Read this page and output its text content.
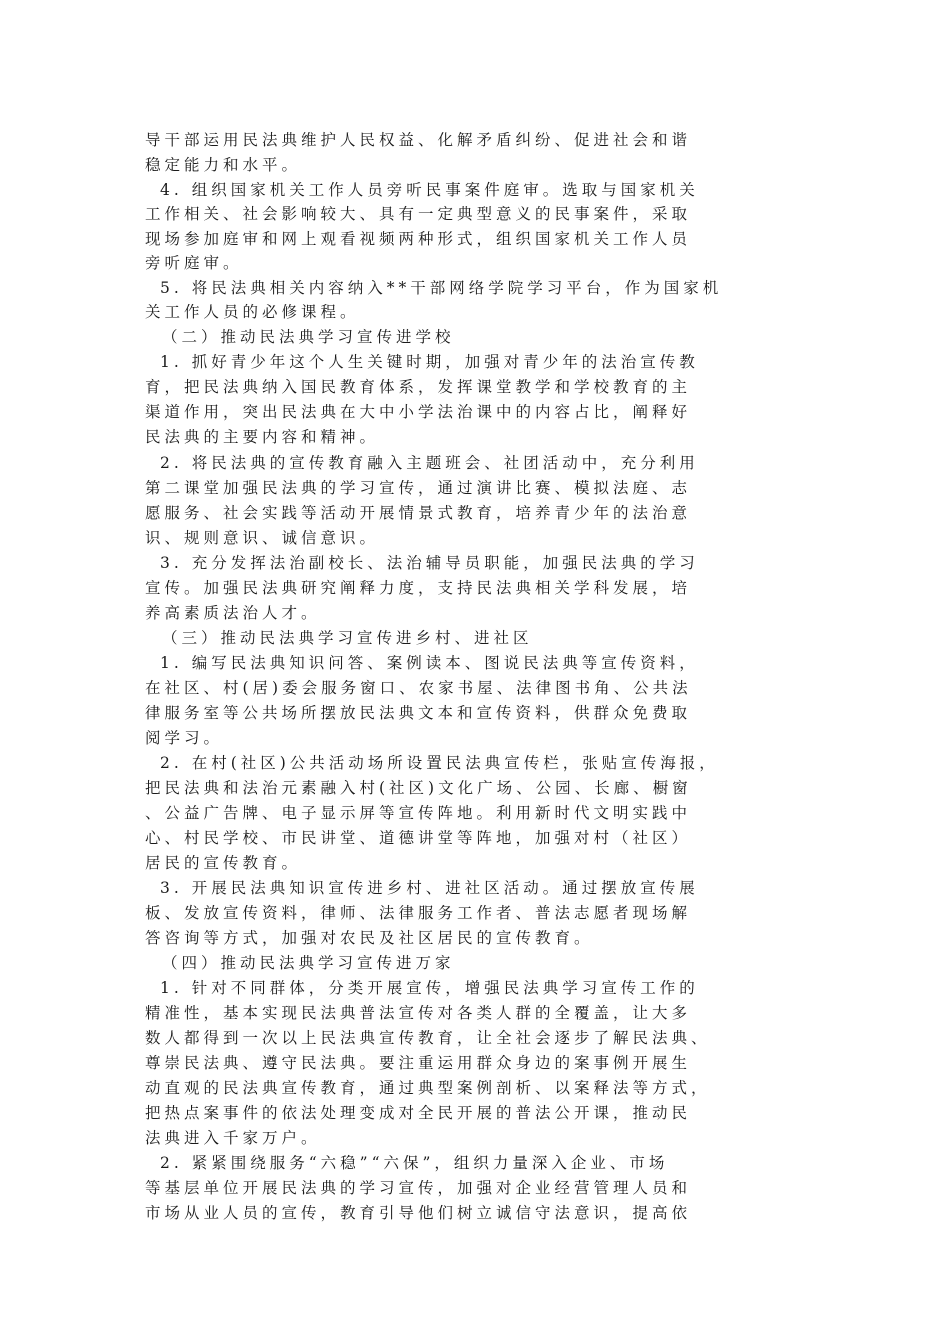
导干部运用民法典维护人民权益、化解矛盾纠纷、促进社会和谐
稳定能力和水平。
4. 组织国家机关工作人员旁听民事案件庭审。选取与国家机关
工作相关、社会影响较大、具有一定典型意义的民事案件，采取
现场参加庭审和网上观看视频两种形式，组织国家机关工作人员
旁听庭审。
5. 将民法典相关内容纳入**干部网络学院学习平台，作为国家机
关工作人员的必修课程。
（二）推动民法典学习宣传进学校
1. 抓好青少年这个人生关键时期，加强对青少年的法治宣传教
育，把民法典纳入国民教育体系，发挥课堂教学和学校教育的主
渠道作用，突出民法典在大中小学法治课中的内容占比，阐释好
民法典的主要内容和精神。
2. 将民法典的宣传教育融入主题班会、社团活动中，充分利用
第二课堂加强民法典的学习宣传，通过演讲比赛、模拟法庭、志
愿服务、社会实践等活动开展情景式教育，培养青少年的法治意
识、规则意识、诚信意识。
3. 充分发挥法治副校长、法治辅导员职能，加强民法典的学习
宣传。加强民法典研究阐释力度，支持民法典相关学科发展，培
养高素质法治人才。
（三）推动民法典学习宣传进乡村、进社区
1. 编写民法典知识问答、案例读本、图说民法典等宣传资料，
在社区、村(居)委会服务窗口、农家书屋、法律图书角、公共法
律服务室等公共场所摆放民法典文本和宣传资料，供群众免费取
阅学习。
2. 在村(社区)公共活动场所设置民法典宣传栏，张贴宣传海报，
把民法典和法治元素融入村(社区)文化广场、公园、长廊、橱窗
、公益广告牌、电子显示屏等宣传阵地。利用新时代文明实践中
心、村民学校、市民讲堂、道德讲堂等阵地，加强对村（社区）
居民的宣传教育。
3. 开展民法典知识宣传进乡村、进社区活动。通过摆放宣传展
板、发放宣传资料，律师、法律服务工作者、普法志愿者现场解
答咨询等方式，加强对农民及社区居民的宣传教育。
（四）推动民法典学习宣传进万家
1. 针对不同群体，分类开展宣传，增强民法典学习宣传工作的
精准性，基本实现民法典普法宣传对各类人群的全覆盖，让大多
数人都得到一次以上民法典宣传教育，让全社会逐步了解民法典、
尊崇民法典、遵守民法典。要注重运用群众身边的案事例开展生
动直观的民法典宣传教育，通过典型案例剖析、以案释法等方式，
把热点案事件的依法处理变成对全民开展的普法公开课，推动民
法典进入千家万户。
2. 紧紧围绕服务“六稳”“六保”，组织力量深入企业、市场
等基层单位开展民法典的学习宣传，加强对企业经营管理人员和
市场从业人员的宣传，教育引导他们树立诚信守法意识，提高依
